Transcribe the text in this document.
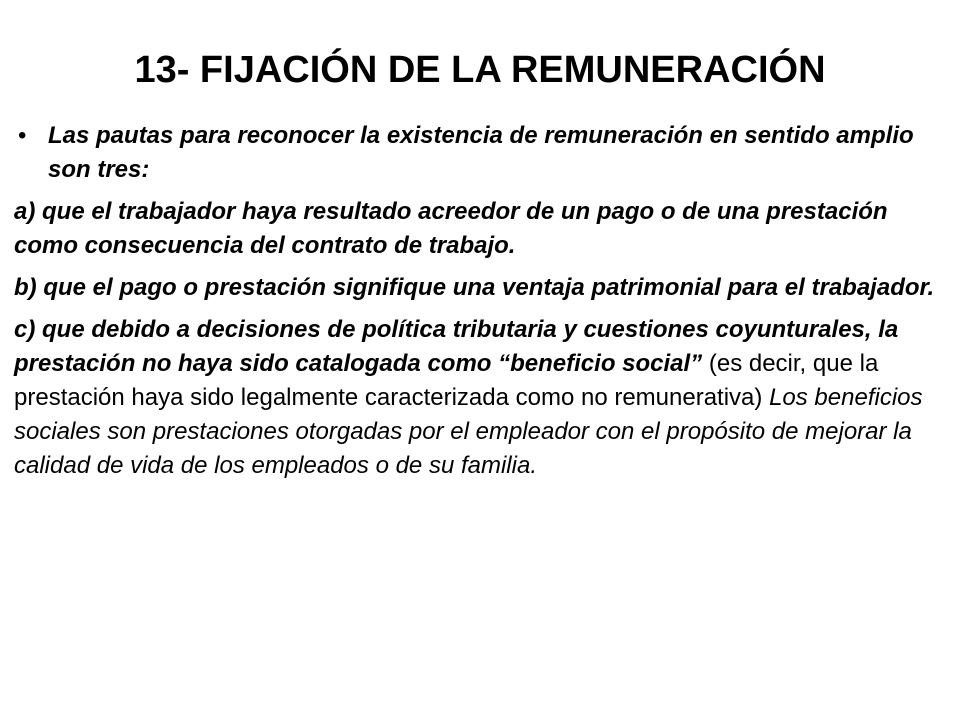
13- FIJACIÓN DE LA REMUNERACIÓN
• Las pautas para reconocer la existencia de remuneración en sentido amplio son tres:

a) que el trabajador haya resultado acreedor de un pago o de una prestación como consecuencia del contrato de trabajo.

b) que el pago o prestación signifique una ventaja patrimonial para el trabajador.

c) que debido a decisiones de política tributaria y cuestiones coyunturales, la prestación no haya sido catalogada como “beneficio social” (es decir, que la prestación haya sido legalmente caracterizada como no remunerativa) Los beneficios sociales son prestaciones otorgadas por el empleador con el propósito de mejorar la calidad de vida de los empleados o de su familia.
